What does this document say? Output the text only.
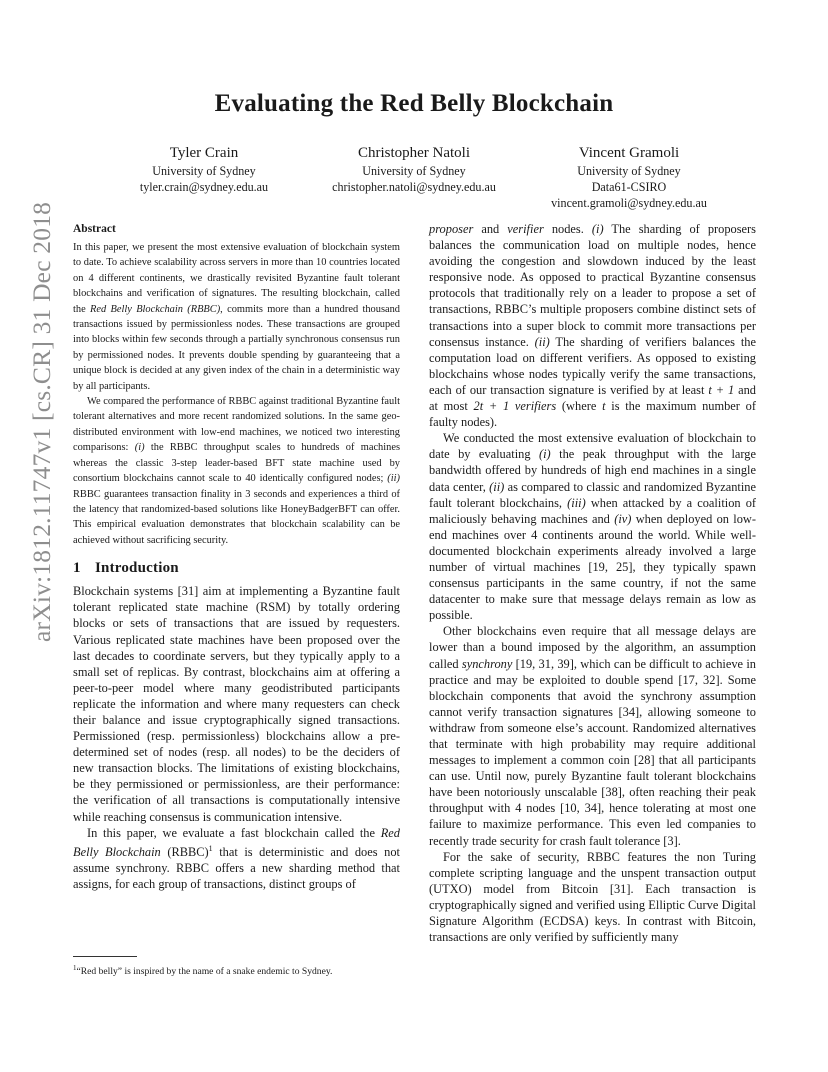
arXiv:1812.11747v1 [cs.CR] 31 Dec 2018
Evaluating the Red Belly Blockchain
Tyler Crain
University of Sydney
tyler.crain@sydney.edu.au
Christopher Natoli
University of Sydney
christopher.natoli@sydney.edu.au
Vincent Gramoli
University of Sydney
Data61-CSIRO
vincent.gramoli@sydney.edu.au
Abstract

In this paper, we present the most extensive evaluation of blockchain system to date. To achieve scalability across servers in more than 10 countries located on 4 different continents, we drastically revisited Byzantine fault tolerant blockchains and verification of signatures. The resulting blockchain, called the Red Belly Blockchain (RBBC), commits more than a hundred thousand transactions issued by permissionless nodes. These transactions are grouped into blocks within few seconds through a partially synchronous consensus run by permissioned nodes. It prevents double spending by guaranteeing that a unique block is decided at any given index of the chain in a deterministic way by all participants.

We compared the performance of RBBC against traditional Byzantine fault tolerant alternatives and more recent randomized solutions. In the same geo-distributed environment with low-end machines, we noticed two interesting comparisons: (i) the RBBC throughput scales to hundreds of machines whereas the classic 3-step leader-based BFT state machine used by consortium blockchains cannot scale to 40 identically configured nodes; (ii) RBBC guarantees transaction finality in 3 seconds and experiences a third of the latency that randomized-based solutions like HoneyBadgerBFT can offer. This empirical evaluation demonstrates that blockchain scalability can be achieved without sacrificing security.

1 Introduction

Blockchain systems [31] aim at implementing a Byzantine fault tolerant replicated state machine (RSM) by totally ordering blocks or sets of transactions that are issued by requesters. Various replicated state machines have been proposed over the last decades to coordinate servers, but they typically apply to a small set of replicas. By contrast, blockchains aim at offering a peer-to-peer model where many geodistributed participants replicate the information and where many requesters can check their balance and issue cryptographically signed transactions. Permissioned (resp. permissionless) blockchains allow a pre-determined set of nodes (resp. all nodes) to be the deciders of new transaction blocks. The limitations of existing blockchains, be they permissioned or permissionless, are their performance: the verification of all transactions is computationally intensive while reaching consensus is communication intensive.

In this paper, we evaluate a fast blockchain called the Red Belly Blockchain (RBBC)$^1$ that is deterministic and does not assume synchrony. RBBC offers a new sharding method that assigns, for each group of transactions, distinct groups of

proposer and verifier nodes. (i) The sharding of proposers balances the communication load on multiple nodes, hence avoiding the congestion and slowdown induced by the least responsive node. As opposed to practical Byzantine consensus protocols that traditionally rely on a leader to propose a set of transactions, RBBC’s multiple proposers combine distinct sets of transactions into a super block to commit more transactions per consensus instance. (ii) The sharding of verifiers balances the computation load on different verifiers. As opposed to existing blockchains whose nodes typically verify the same transactions, each of our transaction signature is verified by at least t + 1 and at most 2t + 1 verifiers (where t is the maximum number of faulty nodes).

We conducted the most extensive evaluation of blockchain to date by evaluating (i) the peak throughput with the large bandwidth offered by hundreds of high end machines in a single data center, (ii) as compared to classic and randomized Byzantine fault tolerant blockchains, (iii) when attacked by a coalition of maliciously behaving machines and (iv) when deployed on low-end machines over 4 continents around the world. While well-documented blockchain experiments already involved a large number of virtual machines [19, 25], they typically spawn consensus participants in the same country, if not the same datacenter to make sure that message delays remain as low as possible.

Other blockchains even require that all message delays are lower than a bound imposed by the algorithm, an assumption called synchrony [19, 31, 39], which can be difficult to achieve in practice and may be exploited to double spend [17, 32]. Some blockchain components that avoid the synchrony assumption cannot verify transaction signatures [34], allowing someone to withdraw from someone else’s account. Randomized alternatives that terminate with high probability may require additional messages to implement a common coin [28] that all participants can use. Until now, purely Byzantine fault tolerant blockchains have been notoriously unscalable [38], often reaching their peak throughput with 4 nodes [10, 34], hence tolerating at most one failure to maximize performance. This even led companies to recently trade security for crash fault tolerance [3].

For the sake of security, RBBC features the non Turing complete scripting language and the unspent transaction output (UTXO) model from Bitcoin [31]. Each transaction is cryptographically signed and verified using Elliptic Curve Digital Signature Algorithm (ECDSA) keys. In contrast with Bitcoin, transactions are only verified by sufficiently many

$^1$“Red belly” is inspired by the name of a snake endemic to Sydney.
